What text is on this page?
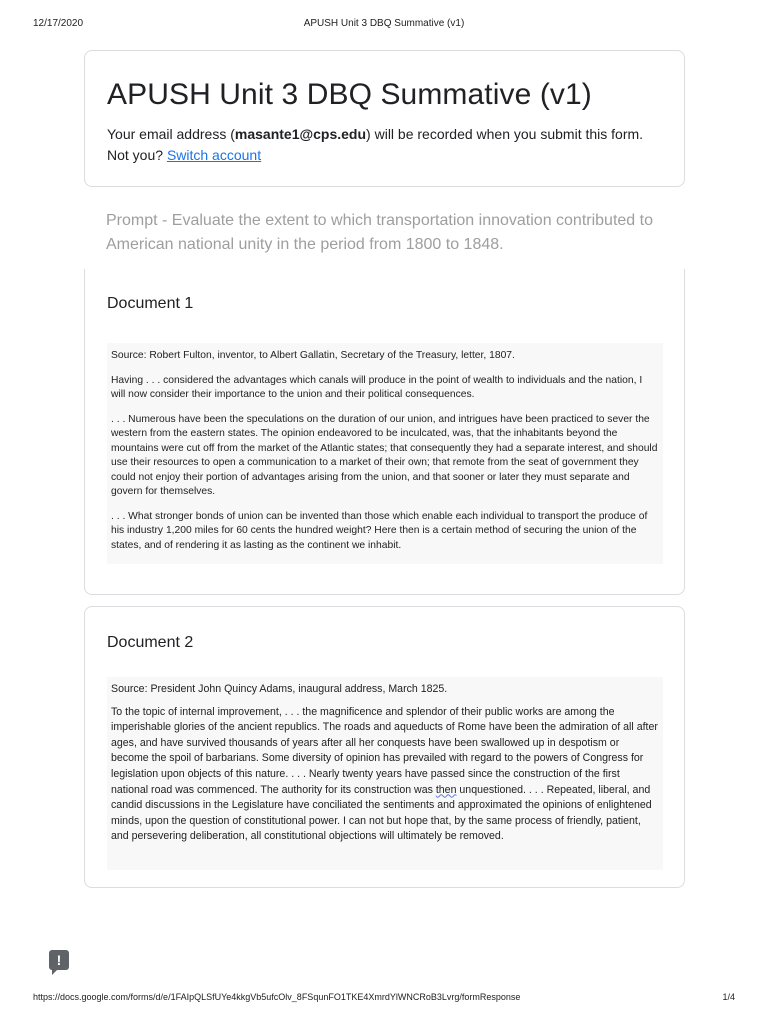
12/17/2020	APUSH Unit 3 DBQ Summative (v1)
APUSH Unit 3 DBQ Summative (v1)
Your email address (masante1@cps.edu) will be recorded when you submit this form. Not you? Switch account
Prompt - Evaluate the extent to which transportation innovation contributed to American national unity in the period from 1800 to 1848.
Document 1

Source: Robert Fulton, inventor, to Albert Gallatin, Secretary of the Treasury, letter, 1807.

Having . . . considered the advantages which canals will produce in the point of wealth to individuals and the nation, I will now consider their importance to the union and their political consequences.

. . . Numerous have been the speculations on the duration of our union, and intrigues have been practiced to sever the western from the eastern states. The opinion endeavored to be inculcated, was, that the inhabitants beyond the mountains were cut off from the market of the Atlantic states; that consequently they had a separate interest, and should use their resources to open a communication to a market of their own; that remote from the seat of government they could not enjoy their portion of advantages arising from the union, and that sooner or later they must separate and govern for themselves.

. . . What stronger bonds of union can be invented than those which enable each individual to transport the produce of his industry 1,200 miles for 60 cents the hundred weight? Here then is a certain method of securing the union of the states, and of rendering it as lasting as the continent we inhabit.

Document 2

Source: President John Quincy Adams, inaugural address, March 1825.

To the topic of internal improvement, . . . the magnificence and splendor of their public works are among the imperishable glories of the ancient republics. The roads and aqueducts of Rome have been the admiration of all after ages, and have survived thousands of years after all her conquests have been swallowed up in despotism or become the spoil of barbarians. Some diversity of opinion has prevailed with regard to the powers of Congress for legislation upon objects of this nature. . . . Nearly twenty years have passed since the construction of the first national road was commenced. The authority for its construction was then unquestioned. . . . Repeated, liberal, and candid discussions in the Legislature have conciliated the sentiments and approximated the opinions of enlightened minds, upon the question of constitutional power. I can not but hope that, by the same process of friendly, patient, and persevering deliberation, all constitutional objections will ultimately be removed.

!
https://docs.google.com/forms/d/e/1FAIpQLSfUYe4kkgVb5ufcOlv_8FSqunFO1TKE4XmrdYlWNCRoB3Lvrg/formResponse	1/4
